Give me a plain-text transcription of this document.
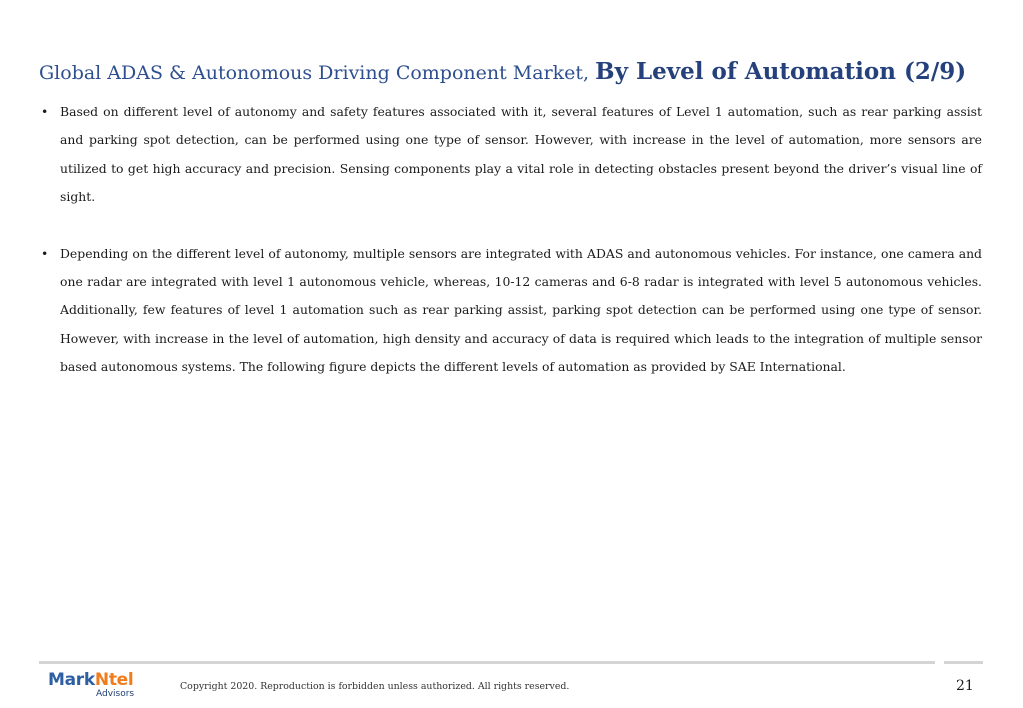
Global ADAS & Autonomous Driving Component Market, By Level of Automation (2/9)
• Based on different level of autonomy and safety features associated with it, several features of Level 1 automation, such as rear parking assist and parking spot detection, can be performed using one type of sensor. However, with increase in the level of automation, more sensors are utilized to get high accuracy and precision. Sensing components play a vital role in detecting obstacles present beyond the driver’s visual line of sight.
• Depending on the different level of autonomy, multiple sensors are integrated with ADAS and autonomous vehicles. For instance, one camera and one radar are integrated with level 1 autonomous vehicle, whereas, 10-12 cameras and 6-8 radar is integrated with level 5 autonomous vehicles. Additionally, few features of level 1 automation such as rear parking assist, parking spot detection can be performed using one type of sensor. However, with increase in the level of automation, high density and accuracy of data is required which leads to the integration of multiple sensor based autonomous systems. The following figure depicts the different levels of automation as provided by SAE International.
MarkNtel
Advisors
Copyright 2020. Reproduction is forbidden unless authorized. All rights reserved.	21
